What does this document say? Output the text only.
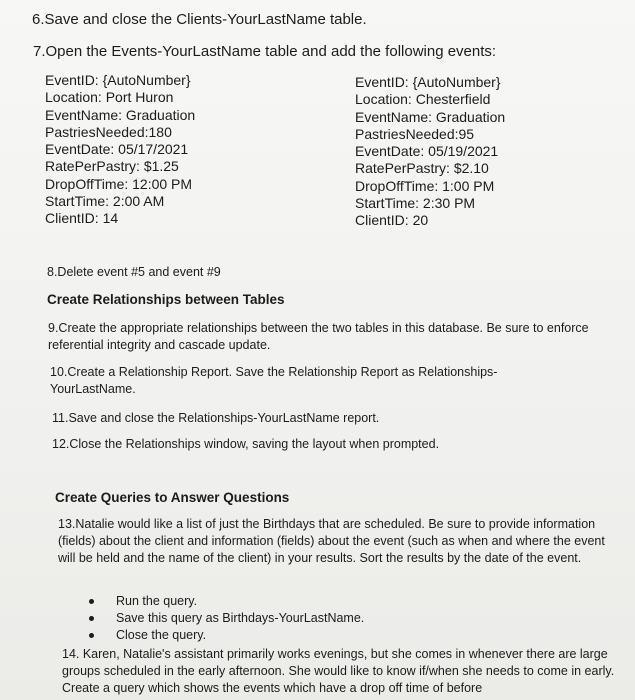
6.Save and close the Clients-YourLastName table.
7.Open the Events-YourLastName table and add the following events:
EventID: {AutoNumber}
Location: Port Huron
EventName: Graduation
PastriesNeeded:180
EventDate: 05/17/2021
RatePerPastry: $1.25
DropOffTime: 12:00 PM
StartTime: 2:00 AM
ClientID: 14
EventID: {AutoNumber}
Location: Chesterfield
EventName: Graduation
PastriesNeeded:95
EventDate: 05/19/2021
RatePerPastry: $2.10
DropOffTime: 1:00 PM
StartTime: 2:30 PM
ClientID: 20
8.Delete event #5 and event #9
Create Relationships between Tables
9.Create the appropriate relationships between the two tables in this database. Be sure to enforce referential integrity and cascade update.
10.Create a Relationship Report. Save the Relationship Report as Relationships-YourLastName.
11.Save and close the Relationships-YourLastName report.
12.Close the Relationships window, saving the layout when prompted.
Create Queries to Answer Questions
13.Natalie would like a list of just the Birthdays that are scheduled. Be sure to provide information (fields) about the client and information (fields) about the event (such as when and where the event will be held and the name of the client) in your results. Sort the results by the date of the event.
Run the query.
Save this query as Birthdays-YourLastName.
Close the query.
14. Karen, Natalie's assistant primarily works evenings, but she comes in whenever there are large groups scheduled in the early afternoon. She would like to know if/when she needs to come in early. Create a query which shows the events which have a drop off time of before
